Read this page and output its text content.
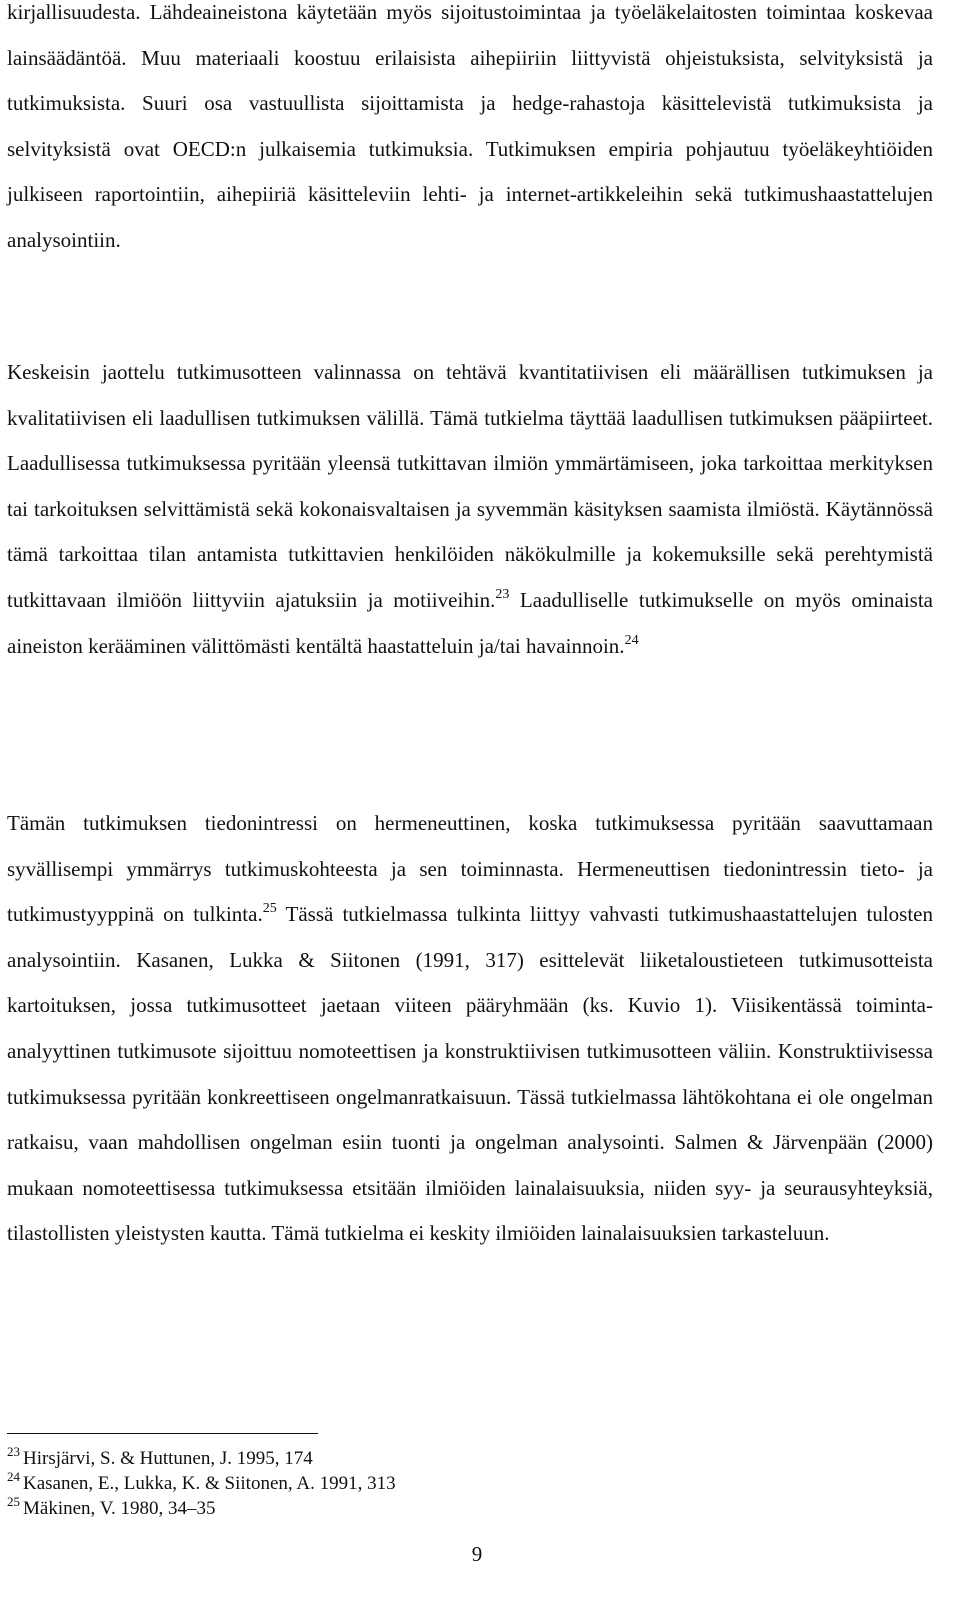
kirjallisuudesta. Lähdeaineistona käytetään myös sijoitustoimintaa ja työeläkelaitosten toimintaa koskevaa lainsäädäntöä. Muu materiaali koostuu erilaisista aihepiiriin liittyvistä ohjeistuksista, selvityksistä ja tutkimuksista. Suuri osa vastuullista sijoittamista ja hedge-rahastoja käsittelevistä tutkimuksista ja selvityksistä ovat OECD:n julkaisemia tutkimuksia. Tutkimuksen empiria pohjautuu työeläkeyhtiöiden julkiseen raportointiin, aihepiiriä käsitteleviin lehti- ja internet-artikkeleihin sekä tutkimushaastattelujen analysointiin.

Keskeisin jaottelu tutkimusotteen valinnassa on tehtävä kvantitatiivisen eli määrällisen tutkimuksen ja kvalitatiivisen eli laadullisen tutkimuksen välillä. Tämä tutkielma täyttää laadullisen tutkimuksen pääpiirteet. Laadullisessa tutkimuksessa pyritään yleensä tutkittavan ilmiön ymmärtämiseen, joka tarkoittaa merkityksen tai tarkoituksen selvittämistä sekä kokonaisvaltaisen ja syvemmän käsityksen saamista ilmiöstä. Käytännössä tämä tarkoittaa tilan antamista tutkittavien henkilöiden näkökulmille ja kokemuksille sekä perehtymistä tutkittavaan ilmiöön liittyviin ajatuksiin ja motiiveihin.$^{23}$ Laadulliselle tutkimukselle on myös ominaista aineiston kerääminen välittömästi kentältä haastatteluin ja/tai havainnoin.$^{24}$

Tämän tutkimuksen tiedonintressi on hermeneuttinen, koska tutkimuksessa pyritään saavuttamaan syvällisempi ymmärrys tutkimuskohteesta ja sen toiminnasta. Hermeneuttisen tiedonintressin tieto- ja tutkimustyyppinä on tulkinta.$^{25}$ Tässä tutkielmassa tulkinta liittyy vahvasti tutkimushaastattelujen tulosten analysointiin. Kasanen, Lukka & Siitonen (1991, 317) esittelevät liiketaloustieteen tutkimusotteista kartoituksen, jossa tutkimusotteet jaetaan viiteen pääryhmään (ks. Kuvio 1). Viisikentässä toiminta-analyyttinen tutkimusote sijoittuu nomoteettisen ja konstruktiivisen tutkimusotteen väliin. Konstruktiivisessa tutkimuksessa pyritään konkreettiseen ongelmanratkaisuun. Tässä tutkielmassa lähtökohtana ei ole ongelman ratkaisu, vaan mahdollisen ongelman esiin tuonti ja ongelman analysointi. Salmen & Järvenpään (2000) mukaan nomoteettisessa tutkimuksessa etsitään ilmiöiden lainalaisuuksia, niiden syy- ja seurausyhteyksiä, tilastollisten yleistysten kautta. Tämä tutkielma ei keskity ilmiöiden lainalaisuuksien tarkasteluun.

$^{23}$ Hirsjärvi, S. & Huttunen, J. 1995, 174
$^{24}$ Kasanen, E., Lukka, K. & Siitonen, A. 1991, 313
$^{25}$ Mäkinen, V. 1980, 34–35
9
